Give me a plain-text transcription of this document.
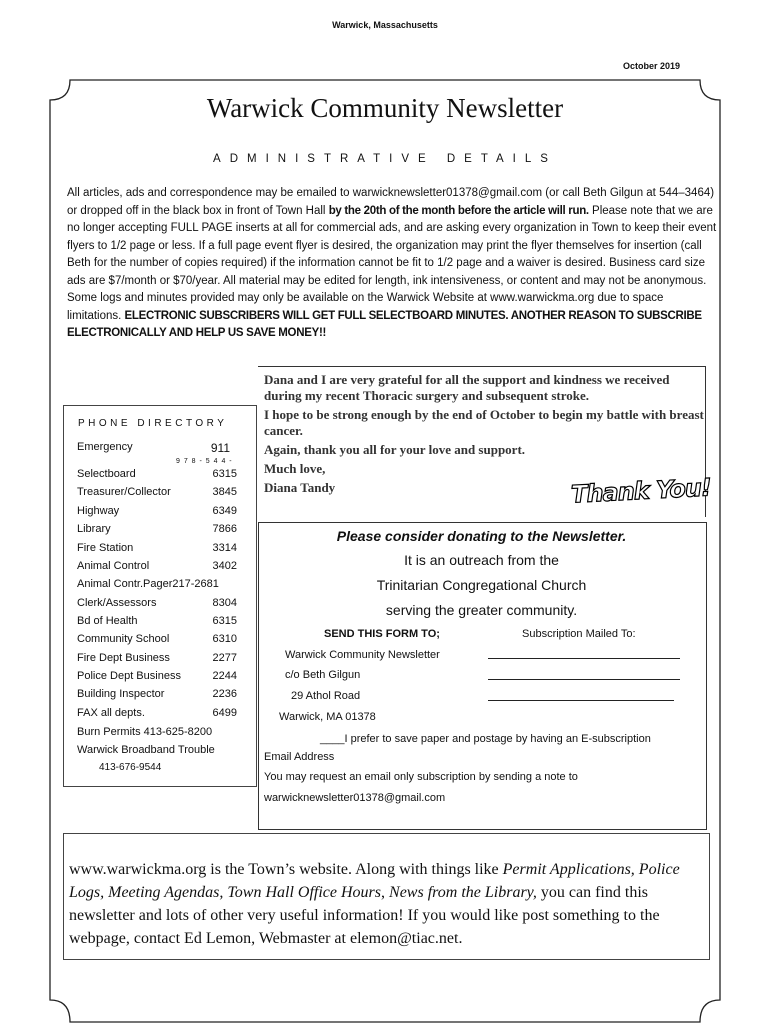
Warwick, Massachusetts
October 2019
Warwick Community Newsletter
ADMINISTRATIVE DETAILS
All articles, ads and correspondence may be emailed to warwicknewsletter01378@gmail.com (or call Beth Gilgun at 544–3464) or dropped off in the black box in front of Town Hall by the 20th of the month before the article will run. Please note that we are no longer accepting FULL PAGE inserts at all for commercial ads, and are asking every organization in Town to keep their event flyers to 1/2 page or less. If a full page event flyer is desired, the organization may print the flyer themselves for insertion (call Beth for the number of copies required) if the information cannot be fit to 1/2 page and a waiver is desired. Business card size ads are $7/month or $70/year. All material may be edited for length, ink intensiveness, or content and may not be anonymous. Some logs and minutes provided may only be available on the Warwick Website at www.warwickma.org due to space limitations. ELECTRONIC SUBSCRIBERS WILL GET FULL SELECTBOARD MINUTES. ANOTHER REASON TO SUBSCRIBE ELECTRONICALLY AND HELP US SAVE MONEY!!

Dana and I are very grateful for all the support and kindness we received during my recent Thoracic surgery and subsequent stroke.

I hope to be strong enough by the end of October to begin my battle with breast cancer.

Again, thank you all for your love and support.

Much love,

Diana Tandy	Thank You!
PHONE DIRECTORY
9 7 8 - 5 4 4 -
Emergency	911
Selectboard	6315
Treasurer/Collector	3845
Highway	6349
Library	7866
Fire Station	3314
Animal Control	3402
Animal Contr.Pager217-2681
Clerk/Assessors	8304
Bd of Health	6315
Community School	6310
Fire Dept Business	2277
Police Dept Business	2244
Building Inspector	2236
FAX all depts.	6499
Burn Permits 413-625-8200
Warwick Broadband Trouble
413-676-9544
Please consider donating to the Newsletter.
It is an outreach from the
Trinitarian Congregational Church
serving the greater community.
SEND THIS FORM TO;	Subscription Mailed To:
Warwick Community Newsletter
c/o Beth Gilgun
29 Athol Road
Warwick, MA 01378
____I prefer to save paper and postage by having an E-subscription
Email Address
You may request an email only subscription by sending a note to
warwicknewsletter01378@gmail.com
www.warwickma.org is the Town’s website. Along with things like Permit Applications, Police Logs, Meeting Agendas, Town Hall Office Hours, News from the Library, you can find this newsletter and lots of other very useful information! If you would like post something to the webpage, contact Ed Lemon, Webmaster at elemon@tiac.net.
